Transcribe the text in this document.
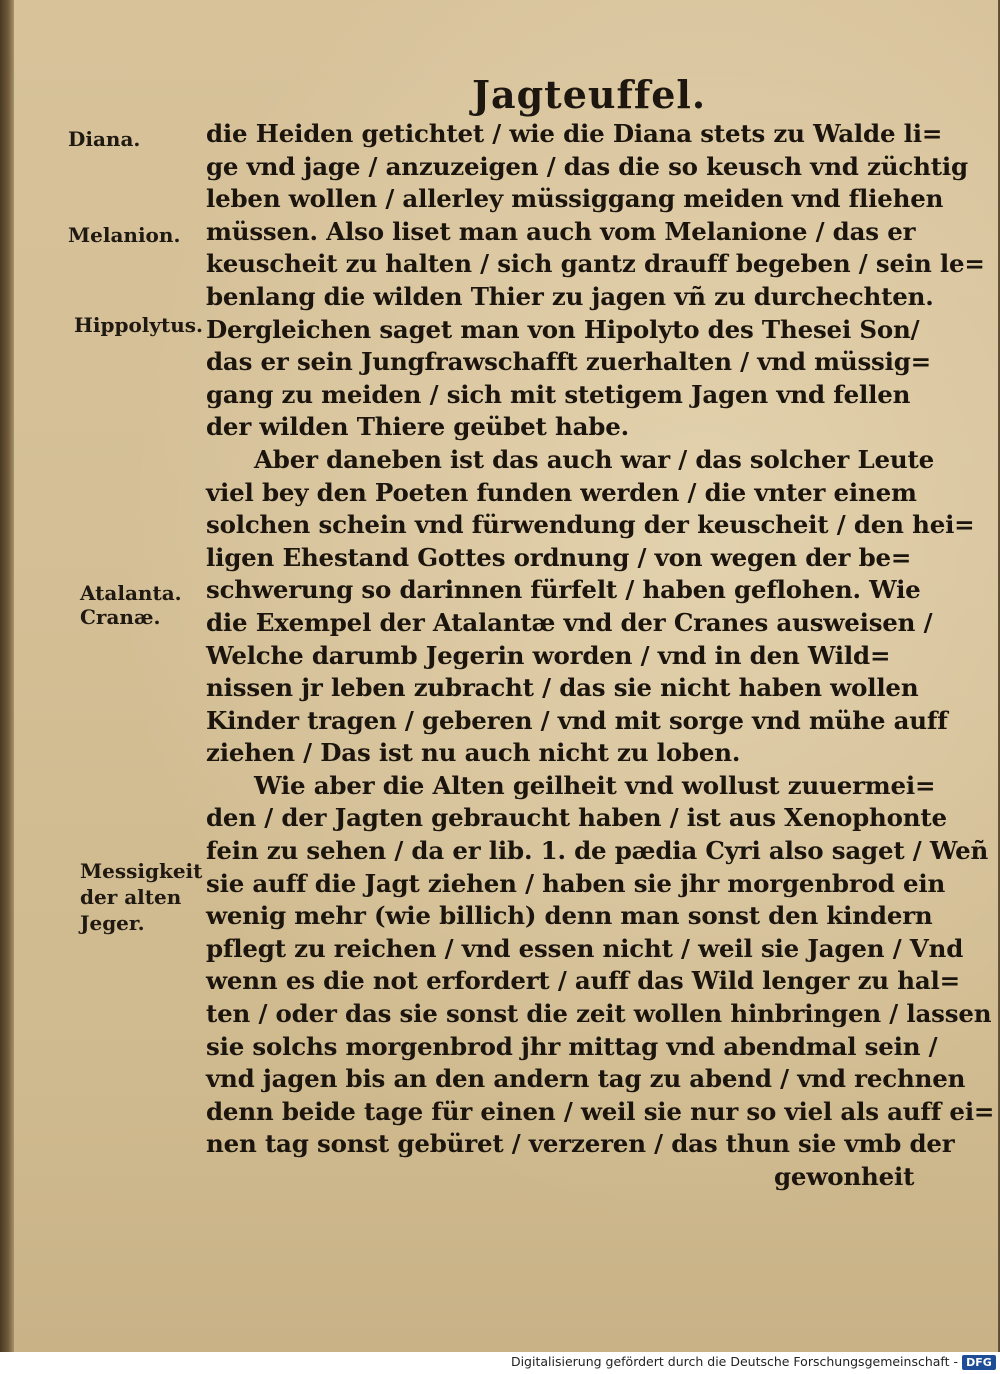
Jagteuffel.
Diana.
Melanion.
Hippolytus.
Atalanta.
Cranæ.
Messigkeit
der alten
Jeger.
die Heiden getichtet / wie die Diana stets zu Walde li=
ge vnd jage / anzuzeigen / das die so keusch vnd züchtig
leben wollen / allerley müssiggang meiden vnd fliehen
müssen. Also liset man auch vom Melanione / das er
keuscheit zu halten / sich gantz drauff begeben / sein le=
benlang die wilden Thier zu jagen vñ zu durchechten.
Dergleichen saget man von Hipolyto des Thesei Son/
das er sein Jungfrawschafft zuerhalten / vnd müssig=
gang zu meiden / sich mit stetigem Jagen vnd fellen
der wilden Thiere geübet habe.
Aber daneben ist das auch war / das solcher Leute
viel bey den Poeten funden werden / die vnter einem
solchen schein vnd fürwendung der keuscheit / den hei=
ligen Ehestand Gottes ordnung / von wegen der be=
schwerung so darinnen fürfelt / haben geflohen. Wie
die Exempel der Atalantæ vnd der Cranes ausweisen /
Welche darumb Jegerin worden / vnd in den Wild=
nissen jr leben zubracht / das sie nicht haben wollen
Kinder tragen / geberen / vnd mit sorge vnd mühe auff
ziehen / Das ist nu auch nicht zu loben.
Wie aber die Alten geilheit vnd wollust zuuermei=
den / der Jagten gebraucht haben / ist aus Xenophonte
fein zu sehen / da er lib. 1. de pædia Cyri also saget / Weñ
sie auff die Jagt ziehen / haben sie jhr morgenbrod ein
wenig mehr (wie billich) denn man sonst den kindern
pflegt zu reichen / vnd essen nicht / weil sie Jagen / Vnd
wenn es die not erfordert / auff das Wild lenger zu hal=
ten / oder das sie sonst die zeit wollen hinbringen / lassen
sie solchs morgenbrod jhr mittag vnd abendmal sein /
vnd jagen bis an den andern tag zu abend / vnd rechnen
denn beide tage für einen / weil sie nur so viel als auff ei=
nen tag sonst gebüret / verzeren / das thun sie vmb der
gewonheit
Digitalisierung gefördert durch die Deutsche Forschungsgemeinschaft - DFG
